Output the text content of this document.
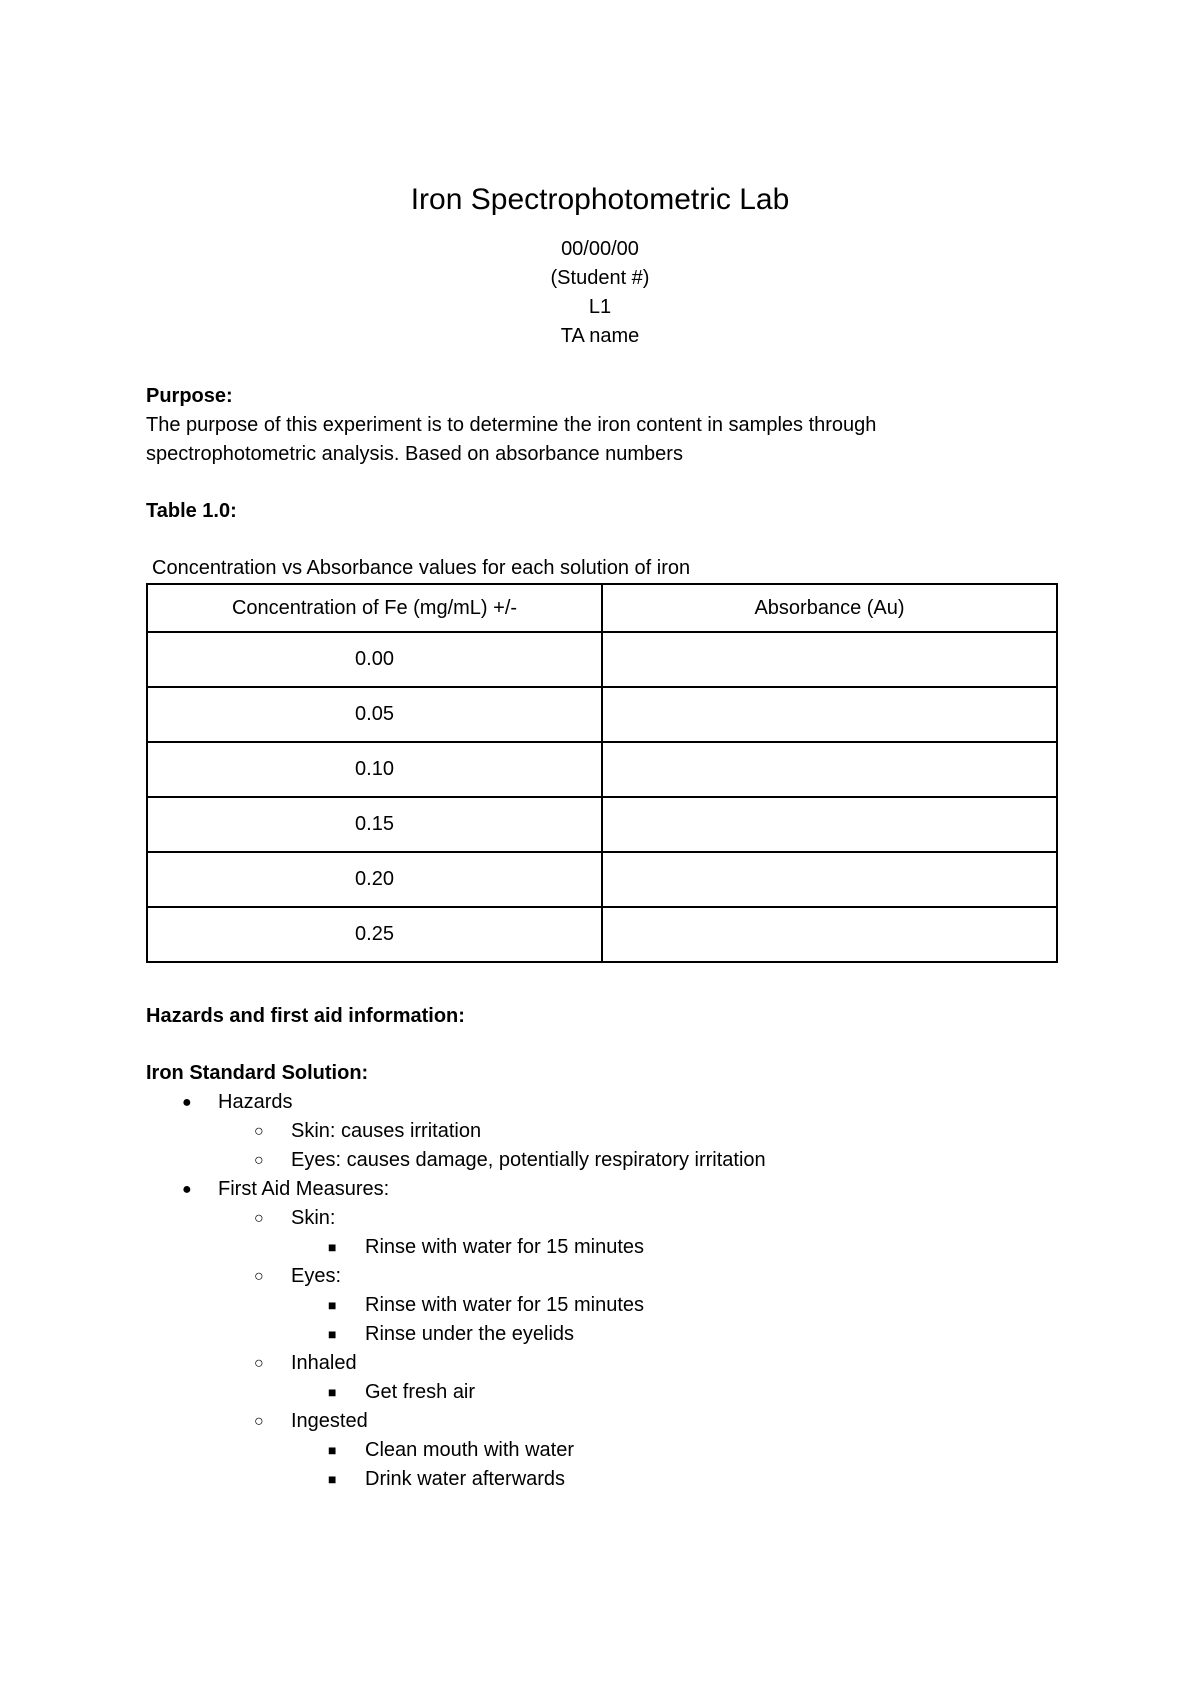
Iron Spectrophotometric Lab
00/00/00
(Student #)
L1
TA name
Purpose:
The purpose of this experiment is to determine the iron content in samples through
spectrophotometric analysis. Based on absorbance numbers
Table 1.0:
Concentration vs Absorbance values for each solution of iron
Concentration of Fe (mg/mL) +/-	Absorbance (Au)
0.00	
0.05	
0.10	
0.15	
0.20	
0.25	
Hazards and first aid information:
Iron Standard Solution:
● Hazards
○ Skin: causes irritation
○ Eyes: causes damage, potentially respiratory irritation
● First Aid Measures:
○ Skin:
■ Rinse with water for 15 minutes
○ Eyes:
■ Rinse with water for 15 minutes
■ Rinse under the eyelids
○ Inhaled
■ Get fresh air
○ Ingested
■ Clean mouth with water
■ Drink water afterwards
